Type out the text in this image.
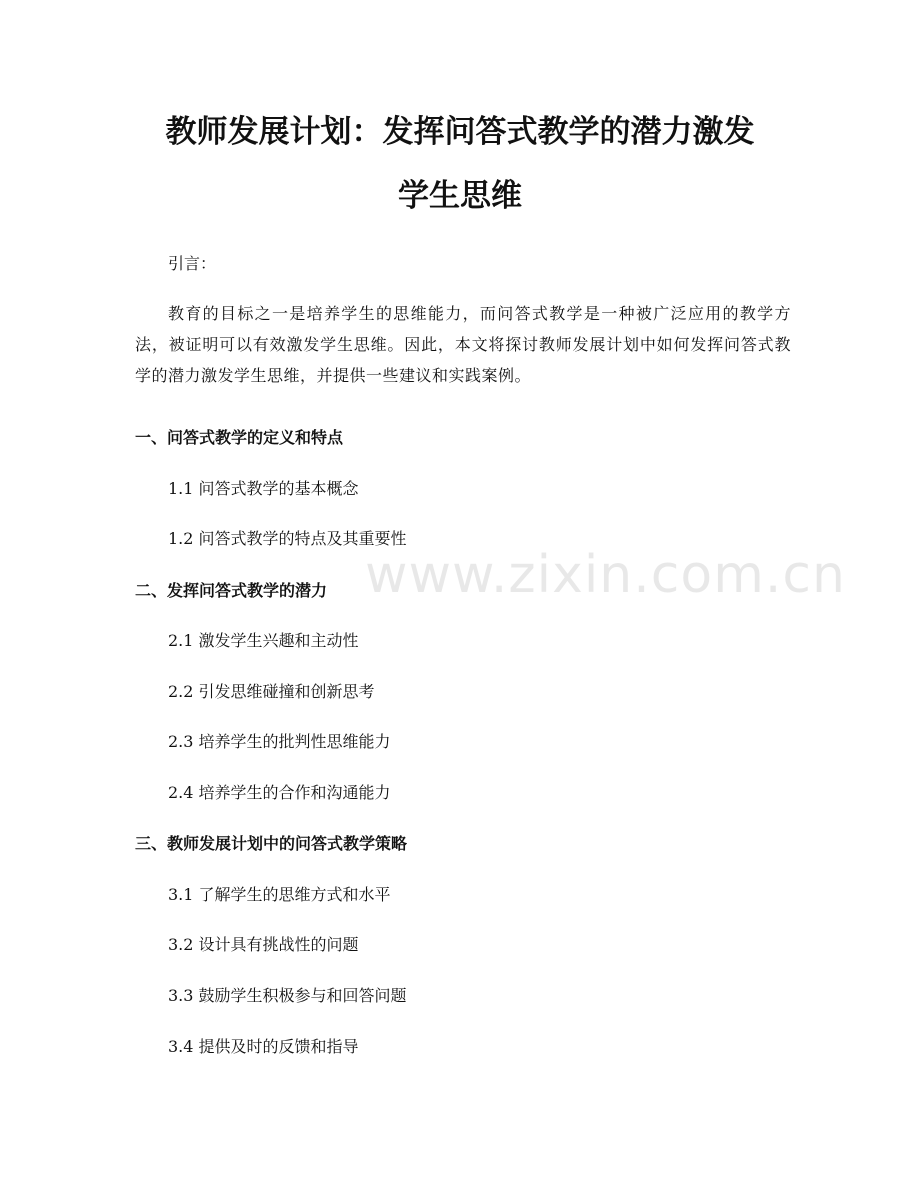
教师发展计划：发挥问答式教学的潜力激发
学生思维

引言：

教育的目标之一是培养学生的思维能力，而问答式教学是一种被广泛应用的教学方法，被证明可以有效激发学生思维。因此，本文将探讨教师发展计划中如何发挥问答式教学的潜力激发学生思维，并提供一些建议和实践案例。

一、问答式教学的定义和特点

1.1 问答式教学的基本概念

1.2 问答式教学的特点及其重要性

二、发挥问答式教学的潜力

2.1 激发学生兴趣和主动性

2.2 引发思维碰撞和创新思考

2.3 培养学生的批判性思维能力

2.4 培养学生的合作和沟通能力

三、教师发展计划中的问答式教学策略

3.1 了解学生的思维方式和水平

3.2 设计具有挑战性的问题

3.3 鼓励学生积极参与和回答问题

3.4 提供及时的反馈和指导

www.zixin.com.cn
